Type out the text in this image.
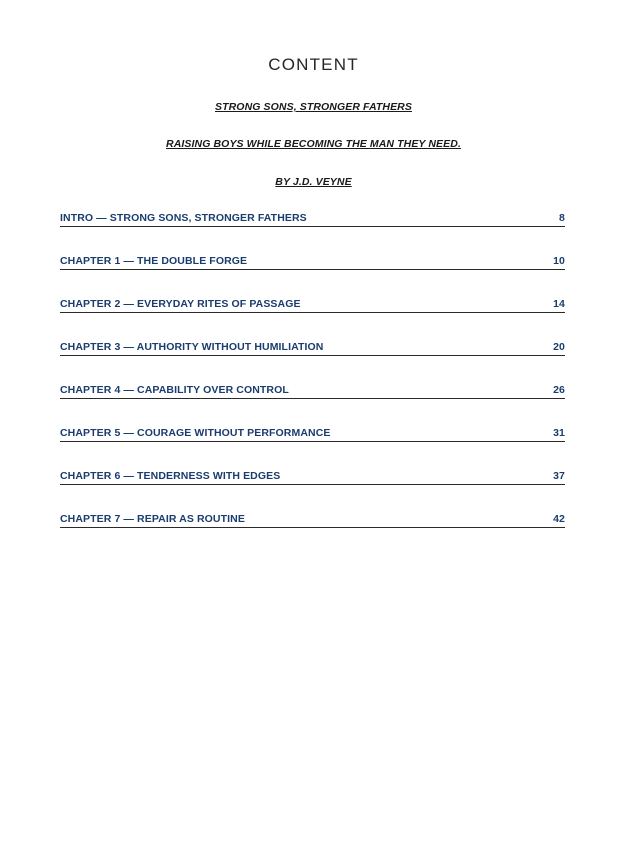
CONTENT
STRONG SONS, STRONGER FATHERS
RAISING BOYS WHILE BECOMING THE MAN THEY NEED.
BY J.D. VEYNE
INTRO — STRONG SONS, STRONGER FATHERS	8
CHAPTER 1 — THE DOUBLE FORGE	10
CHAPTER 2 — EVERYDAY RITES OF PASSAGE	14
CHAPTER 3 — AUTHORITY WITHOUT HUMILIATION	20
CHAPTER 4 — CAPABILITY OVER CONTROL	26
CHAPTER 5 — COURAGE WITHOUT PERFORMANCE	31
CHAPTER 6 — TENDERNESS WITH EDGES	37
CHAPTER 7 — REPAIR AS ROUTINE	42
